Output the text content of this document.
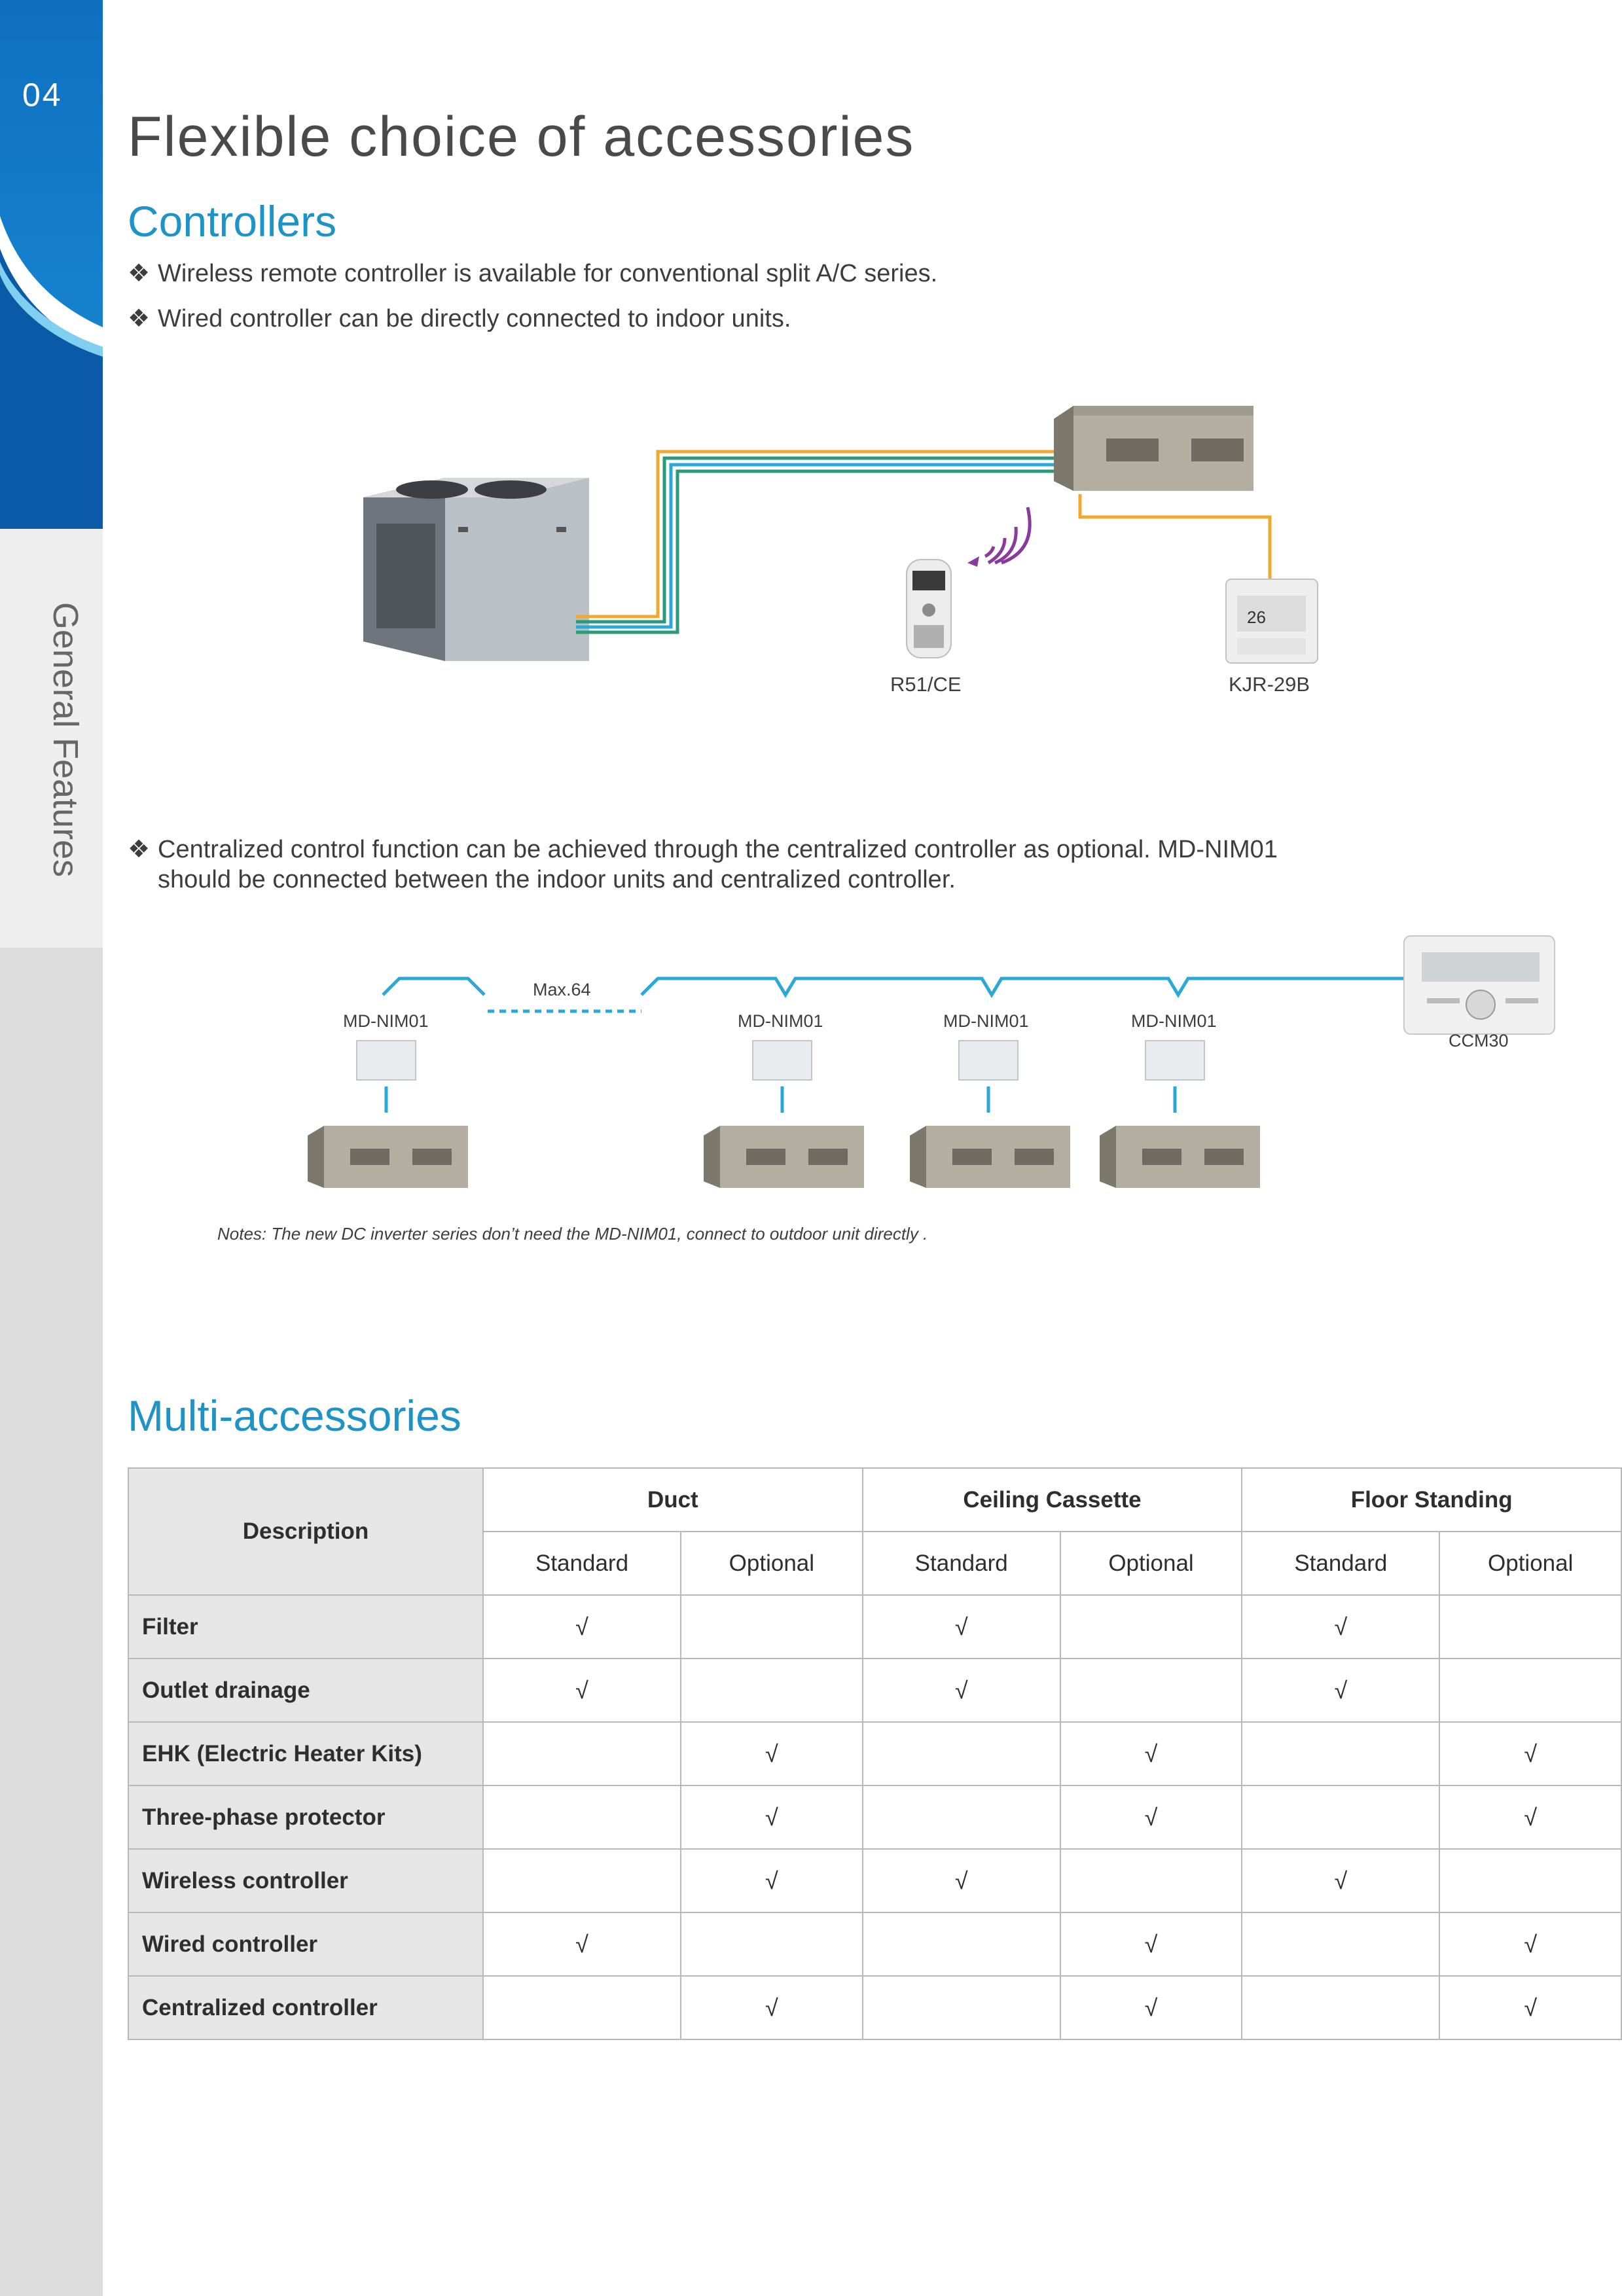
04
General Features
Flexible choice of accessories
Controllers
❖ Wireless remote controller is available for conventional split A/C series.
❖ Wired controller can be directly connected to indoor units.
26
R51/CE	KJR-29B
❖ Centralized control function can be achieved through the centralized controller as optional. MD-NIM01
should be connected between the indoor units and centralized controller.
Max.64
MD-NIM01	MD-NIM01	MD-NIM01	MD-NIM01
CCM30
Notes: The new DC inverter series don’t need the MD-NIM01, connect to outdoor unit directly .
Multi-accessories
Description	Duct		Ceiling Cassette		Floor Standing	
	Standard	Optional	Standard	Optional	Standard	Optional
Filter	√		√		√	
Outlet drainage	√		√		√	
EHK (Electric Heater Kits)		√		√		√
Three-phase protector		√		√		√
Wireless controller		√	√		√	
Wired controller	√			√		√
Centralized controller		√		√		√
